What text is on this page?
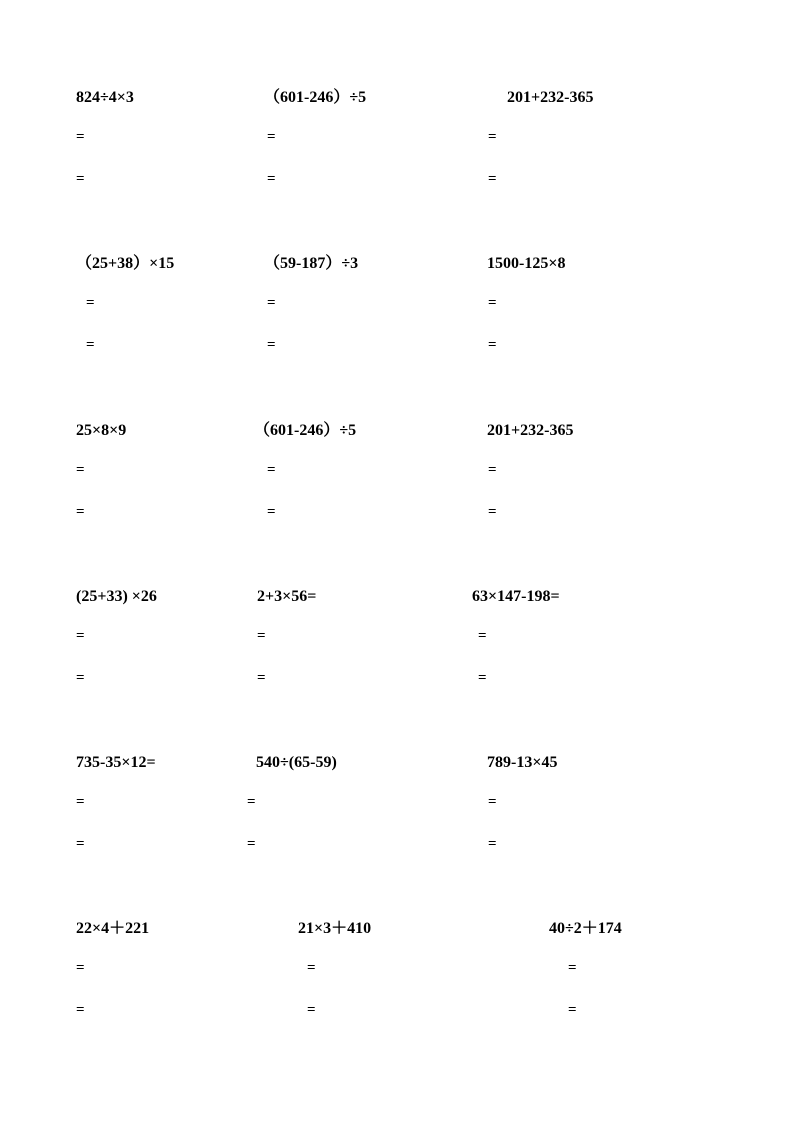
824÷4×3

=

=

（601-246）÷5

=

=

201+232-365

=

=

（25+38）×15

=

=

（59-187）÷3

=

=

1500-125×8

=

=

25×8×9

=

=

（601-246）÷5

=

=

201+232-365

=

=

(25+33) ×26

=

=

2+3×56=

=

=

63×147-198=

=

=

735-35×12=

=

=

540÷(65-59)

=

=

789-13×45

=

=

22×4＋221

=

=

21×3＋410

=

=

40÷2＋174

=

=
